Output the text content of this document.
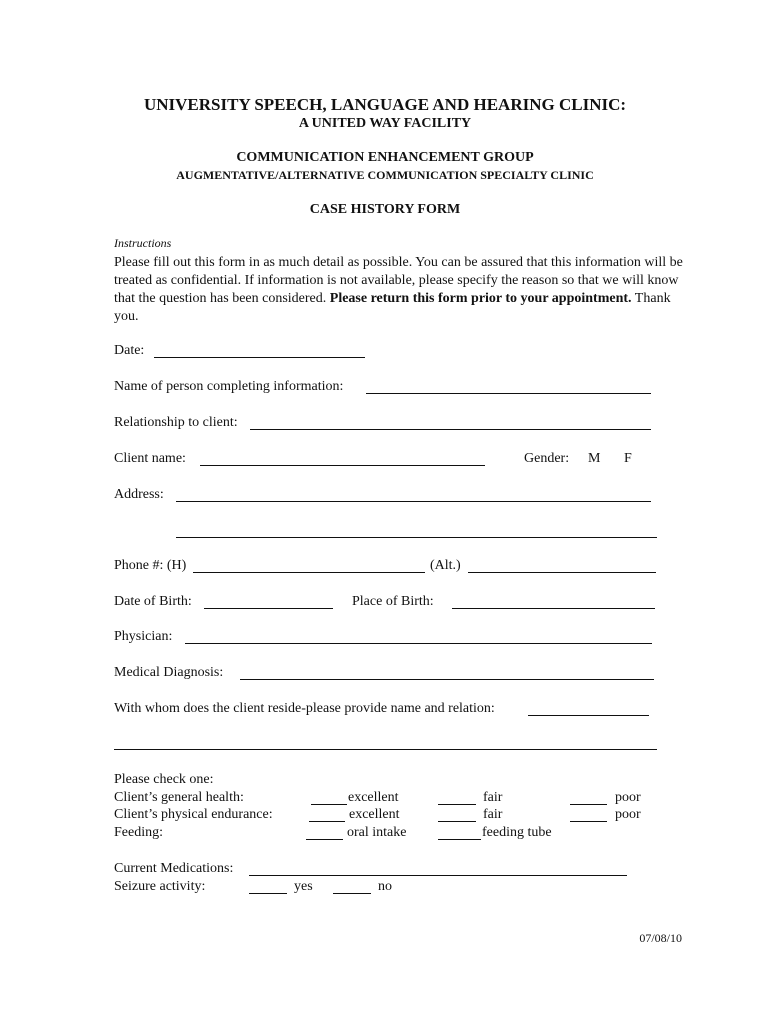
UNIVERSITY SPEECH, LANGUAGE AND HEARING CLINIC:
A UNITED WAY FACILITY
COMMUNICATION ENHANCEMENT GROUP
AUGMENTATIVE/ALTERNATIVE COMMUNICATION SPECIALTY CLINIC
CASE HISTORY FORM
Instructions
Please fill out this form in as much detail as possible. You can be assured that this information will be treated as confidential. If information is not available, please specify the reason so that we will know that the question has been considered. Please return this form prior to your appointment. Thank you.
Date:
Name of person completing information:
Relationship to client:
Client name:	Gender: M F
Address:
Phone #: (H)	(Alt.)
Date of Birth:	Place of Birth:
Physician:
Medical Diagnosis:
With whom does the client reside-please provide name and relation:
Please check one:
Client’s general health:	excellent	fair	poor
Client’s physical endurance:	excellent	fair	poor
Feeding:	oral intake	feeding tube
Current Medications:
Seizure activity:	yes	no
07/08/10
